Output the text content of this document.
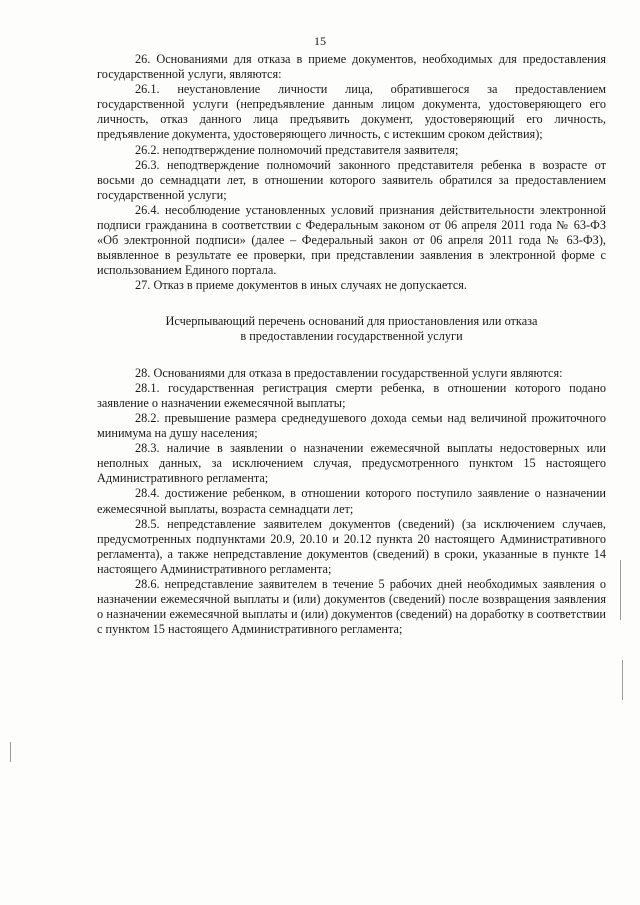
15

26. Основаниями для отказа в приеме документов, необходимых для предоставления государственной услуги, являются:

26.1. неустановление личности лица, обратившегося за предоставлением государственной услуги (непредъявление данным лицом документа, удостоверяющего его личность, отказ данного лица предъявить документ, удостоверяющий его личность, предъявление документа, удостоверяющего личность, с истекшим сроком действия);

26.2. неподтверждение полномочий представителя заявителя;

26.3. неподтверждение полномочий законного представителя ребенка в возрасте от восьми до семнадцати лет, в отношении которого заявитель обратился за предоставлением государственной услуги;

26.4. несоблюдение установленных условий признания действительности электронной подписи гражданина в соответствии с Федеральным законом от 06 апреля 2011 года № 63-ФЗ «Об электронной подписи» (далее – Федеральный закон от 06 апреля 2011 года № 63-ФЗ), выявленное в результате ее проверки, при представлении заявления в электронной форме с использованием Единого портала.

27. Отказ в приеме документов в иных случаях не допускается.

Исчерпывающий перечень оснований для приостановления или отказа
в предоставлении государственной услуги

28. Основаниями для отказа в предоставлении государственной услуги являются:

28.1. государственная регистрация смерти ребенка, в отношении которого подано заявление о назначении ежемесячной выплаты;

28.2. превышение размера среднедушевого дохода семьи над величиной прожиточного минимума на душу населения;

28.3. наличие в заявлении о назначении ежемесячной выплаты недостоверных или неполных данных, за исключением случая, предусмотренного пунктом 15 настоящего Административного регламента;

28.4. достижение ребенком, в отношении которого поступило заявление о назначении ежемесячной выплаты, возраста семнадцати лет;

28.5. непредставление заявителем документов (сведений) (за исключением случаев, предусмотренных подпунктами 20.9, 20.10 и 20.12 пункта 20 настоящего Административного регламента), а также непредставление документов (сведений) в сроки, указанные в пункте 14 настоящего Административного регламента;

28.6. непредставление заявителем в течение 5 рабочих дней необходимых заявления о назначении ежемесячной выплаты и (или) документов (сведений) после возвращения заявления о назначении ежемесячной выплаты и (или) документов (сведений) на доработку в соответствии с пунктом 15 настоящего Административного регламента;
